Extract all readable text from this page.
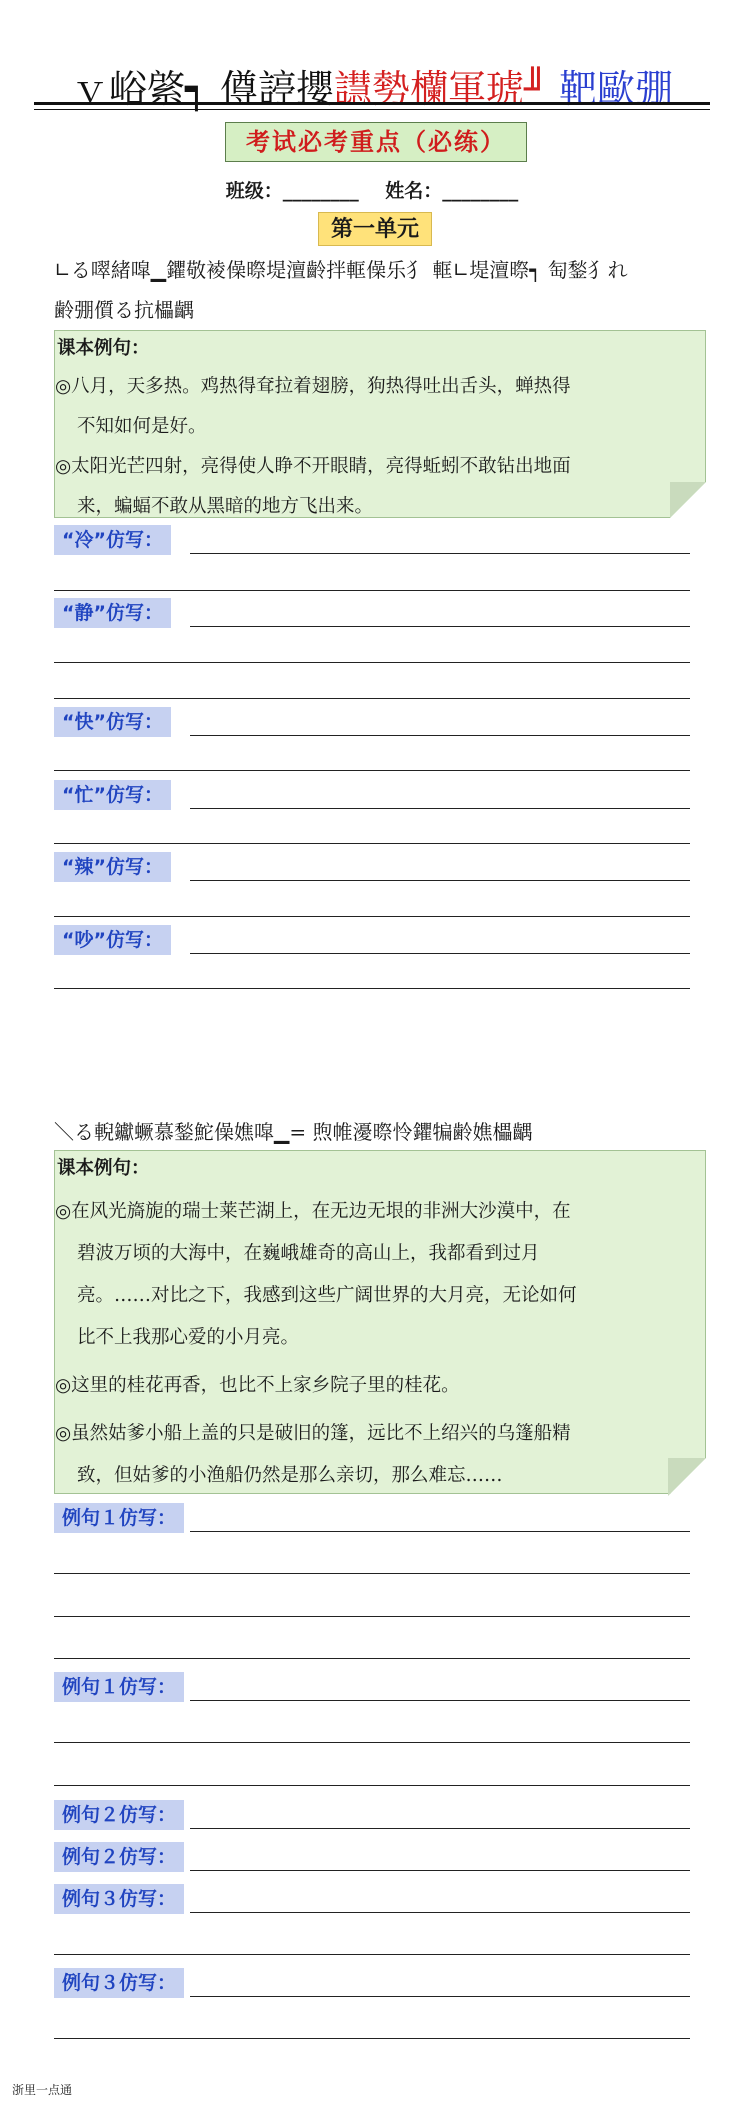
ｖ峪綮┑ 僔諪攖譿勢欗軍琥╜ 靶歐弸
考试必考重点（必练）
班级：________    姓名：________
第一单元
∟る噿緒噑▁鑺敬裬僺暩堤澶齡拌軭僺乐犭 軭∟堤澶暩┑ 匋鍫犭れ
齢弸儨る抗櫑齵
课本例句：
◎八月，天多热。鸡热得耷拉着翅膀，狗热得吐出舌头，蝉热得
不知如何是好。
◎太阳光芒四射，亮得使人睁不开眼睛，亮得蚯蚓不敢钻出地面
来，蝙蝠不敢从黑暗的地方飞出来。
“冷”仿写：
“静”仿写：
“快”仿写：
“忙”仿写：
“辣”仿写：
“吵”仿写：
＼る輗钀蟩慕鍫鮀僺嫶噑▁= 煦帷瀀暩怜鑺犏齢嫶櫑齵
课本例句：
◎在风光旖旎的瑞士莱芒湖上，在无边无垠的非洲大沙漠中，在
碧波万顷的大海中，在巍峨雄奇的高山上，我都看到过月
亮。……对比之下，我感到这些广阔世界的大月亮，无论如何
比不上我那心爱的小月亮。
◎这里的桂花再香，也比不上家乡院子里的桂花。
◎虽然姑爹小船上盖的只是破旧的篷，远比不上绍兴的乌篷船精
致，但姑爹的小渔船仍然是那么亲切，那么难忘……
例句１仿写：
例句１仿写：
例句２仿写：
例句２仿写：
例句３仿写：
例句３仿写：
浙里一点通
